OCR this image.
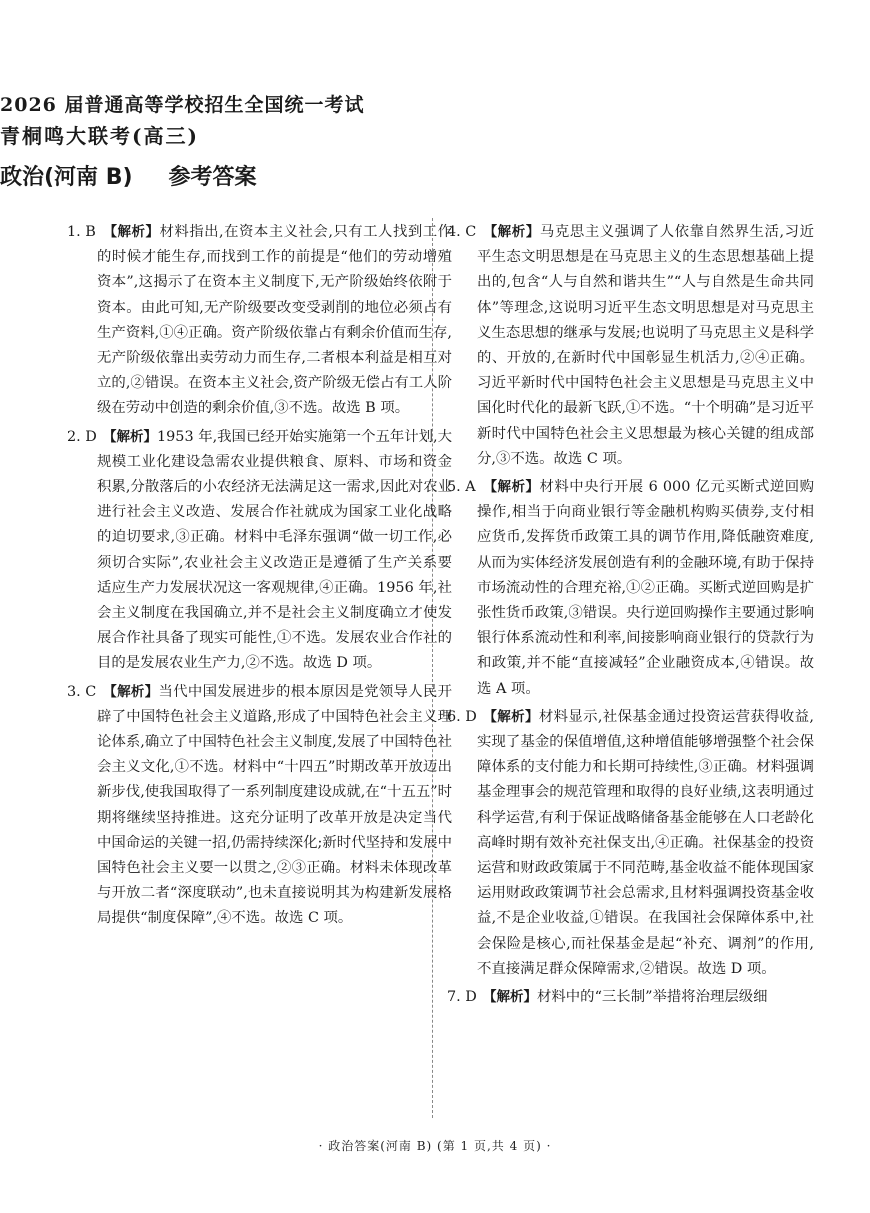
2026 届普通高等学校招生全国统一考试
青桐鸣大联考(高三)
政治(河南 B) 参考答案

1. B 【解析】材料指出,在资本主义社会,只有工人找到工作的时候才能生存,而找到工作的前提是“他们的劳动增殖资本”,这揭示了在资本主义制度下,无产阶级始终依附于资本。由此可知,无产阶级要改变受剥削的地位必须占有生产资料,①④正确。资产阶级依靠占有剩余价值而生存,无产阶级依靠出卖劳动力而生存,二者根本利益是相互对立的,②错误。在资本主义社会,资产阶级无偿占有工人阶级在劳动中创造的剩余价值,③不选。故选 B 项。

2. D 【解析】1953 年,我国已经开始实施第一个五年计划,大规模工业化建设急需农业提供粮食、原料、市场和资金积累,分散落后的小农经济无法满足这一需求,因此对农业进行社会主义改造、发展合作社就成为国家工业化战略的迫切要求,③正确。材料中毛泽东强调“做一切工作,必须切合实际”,农业社会主义改造正是遵循了生产关系要适应生产力发展状况这一客观规律,④正确。1956 年,社会主义制度在我国确立,并不是社会主义制度确立才使发展合作社具备了现实可能性,①不选。发展农业合作社的目的是发展农业生产力,②不选。故选 D 项。

3. C 【解析】当代中国发展进步的根本原因是党领导人民开辟了中国特色社会主义道路,形成了中国特色社会主义理论体系,确立了中国特色社会主义制度,发展了中国特色社会主义文化,①不选。材料中“十四五”时期改革开放迈出新步伐,使我国取得了一系列制度建设成就,在“十五五”时期将继续坚持推进。这充分证明了改革开放是决定当代中国命运的关键一招,仍需持续深化;新时代坚持和发展中国特色社会主义要一以贯之,②③正确。材料未体现改革与开放二者“深度联动”,也未直接说明其为构建新发展格局提供“制度保障”,④不选。故选 C 项。

4. C 【解析】马克思主义强调了人依靠自然界生活,习近平生态文明思想是在马克思主义的生态思想基础上提出的,包含“人与自然和谐共生”“人与自然是生命共同体”等理念,这说明习近平生态文明思想是对马克思主义生态思想的继承与发展;也说明了马克思主义是科学的、开放的,在新时代中国彰显生机活力,②④正确。习近平新时代中国特色社会主义思想是马克思主义中国化时代化的最新飞跃,①不选。“十个明确”是习近平新时代中国特色社会主义思想最为核心关键的组成部分,③不选。故选 C 项。

5. A 【解析】材料中央行开展 6 000 亿元买断式逆回购操作,相当于向商业银行等金融机构购买债券,支付相应货币,发挥货币政策工具的调节作用,降低融资难度,从而为实体经济发展创造有利的金融环境,有助于保持市场流动性的合理充裕,①②正确。买断式逆回购是扩张性货币政策,③错误。央行逆回购操作主要通过影响银行体系流动性和利率,间接影响商业银行的贷款行为和政策,并不能“直接减轻”企业融资成本,④错误。故选 A 项。

6. D 【解析】材料显示,社保基金通过投资运营获得收益,实现了基金的保值增值,这种增值能够增强整个社会保障体系的支付能力和长期可持续性,③正确。材料强调基金理事会的规范管理和取得的良好业绩,这表明通过科学运营,有利于保证战略储备基金能够在人口老龄化高峰时期有效补充社保支出,④正确。社保基金的投资运营和财政政策属于不同范畴,基金收益不能体现国家运用财政政策调节社会总需求,且材料强调投资基金收益,不是企业收益,①错误。在我国社会保障体系中,社会保险是核心,而社保基金是起“补充、调剂”的作用,不直接满足群众保障需求,②错误。故选 D 项。

7. D 【解析】材料中的“三长制”举措将治理层级细

· 政治答案(河南 B) (第 1 页,共 4 页) ·
